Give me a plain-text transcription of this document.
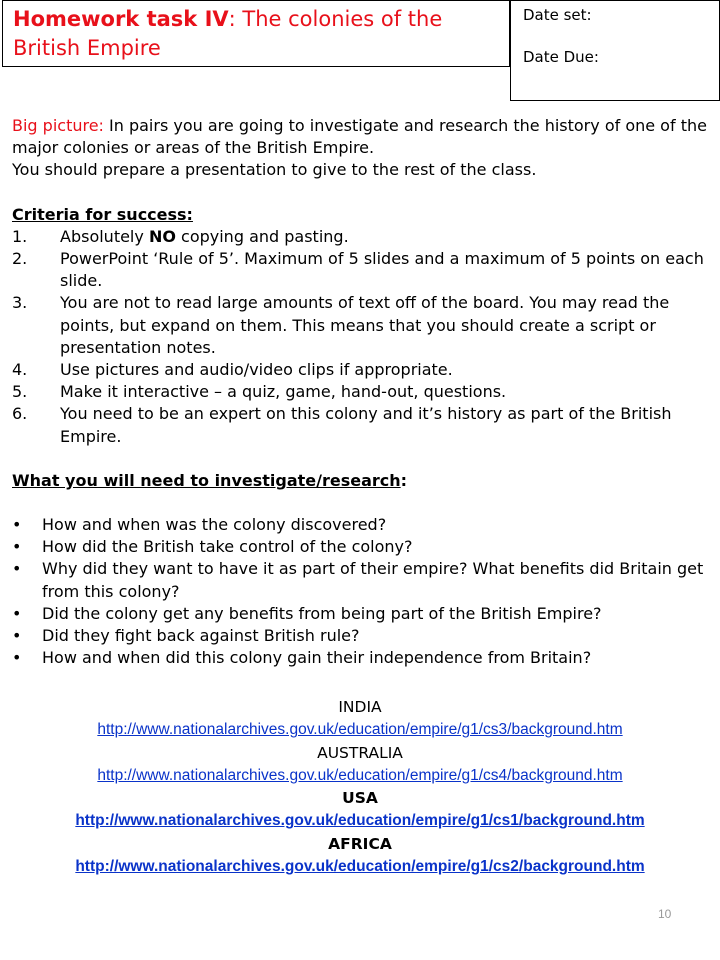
Homework task IV: The colonies of the British Empire
Date set:
Date Due:
Big picture: In pairs you are going to investigate and research the history of one of the major colonies or areas of the British Empire.
You should prepare a presentation to give to the rest of the class.
Criteria for success:
1.	Absolutely NO copying and pasting.
2.	PowerPoint ‘Rule of 5’. Maximum of 5 slides and a maximum of 5 points on each slide.
3.	You are not to read large amounts of text off of the board. You may read the points, but expand on them. This means that you should create a script or presentation notes.
4.	Use pictures and audio/video clips if appropriate.
5.	Make it interactive – a quiz, game, hand-out, questions.
6.	You need to be an expert on this colony and it’s history as part of the British Empire.
What you will need to investigate/research:
•	How and when was the colony discovered?
•	How did the British take control of the colony?
•	Why did they want to have it as part of their empire? What benefits did Britain get from this colony?
•	Did the colony get any benefits from being part of the British Empire?
•	Did they fight back against British rule?
•	How and when did this colony gain their independence from Britain?
INDIA
http://www.nationalarchives.gov.uk/education/empire/g1/cs3/background.htm
AUSTRALIA
http://www.nationalarchives.gov.uk/education/empire/g1/cs4/background.htm
USA
http://www.nationalarchives.gov.uk/education/empire/g1/cs1/background.htm
AFRICA
http://www.nationalarchives.gov.uk/education/empire/g1/cs2/background.htm
10
